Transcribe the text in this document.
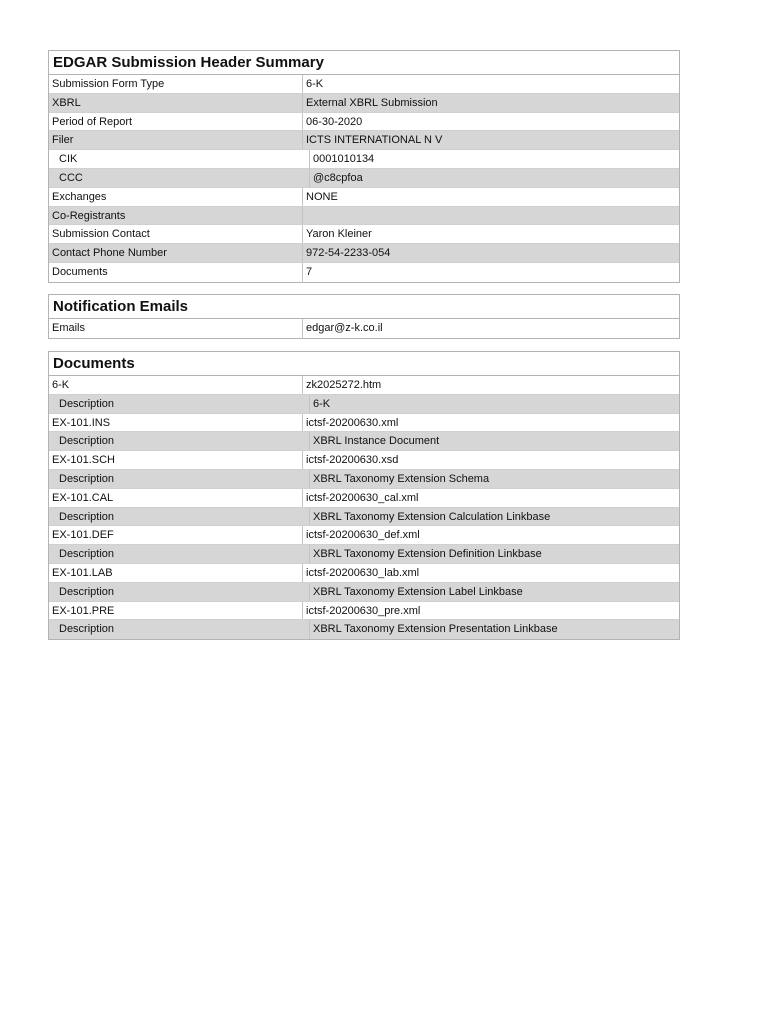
EDGAR Submission Header Summary
Submission Form Type	6-K
XBRL	External XBRL Submission
Period of Report	06-30-2020
Filer	ICTS INTERNATIONAL N V
CIK	0001010134
CCC	@c8cpfoa
Exchanges	NONE
Co-Registrants
Submission Contact	Yaron Kleiner
Contact Phone Number	972-54-2233-054
Documents	7
Notification Emails
Emails	edgar@z-k.co.il
Documents
6-K	zk2025272.htm
Description	6-K
EX-101.INS	ictsf-20200630.xml
Description	XBRL Instance Document
EX-101.SCH	ictsf-20200630.xsd
Description	XBRL Taxonomy Extension Schema
EX-101.CAL	ictsf-20200630_cal.xml
Description	XBRL Taxonomy Extension Calculation Linkbase
EX-101.DEF	ictsf-20200630_def.xml
Description	XBRL Taxonomy Extension Definition Linkbase
EX-101.LAB	ictsf-20200630_lab.xml
Description	XBRL Taxonomy Extension Label Linkbase
EX-101.PRE	ictsf-20200630_pre.xml
Description	XBRL Taxonomy Extension Presentation Linkbase
